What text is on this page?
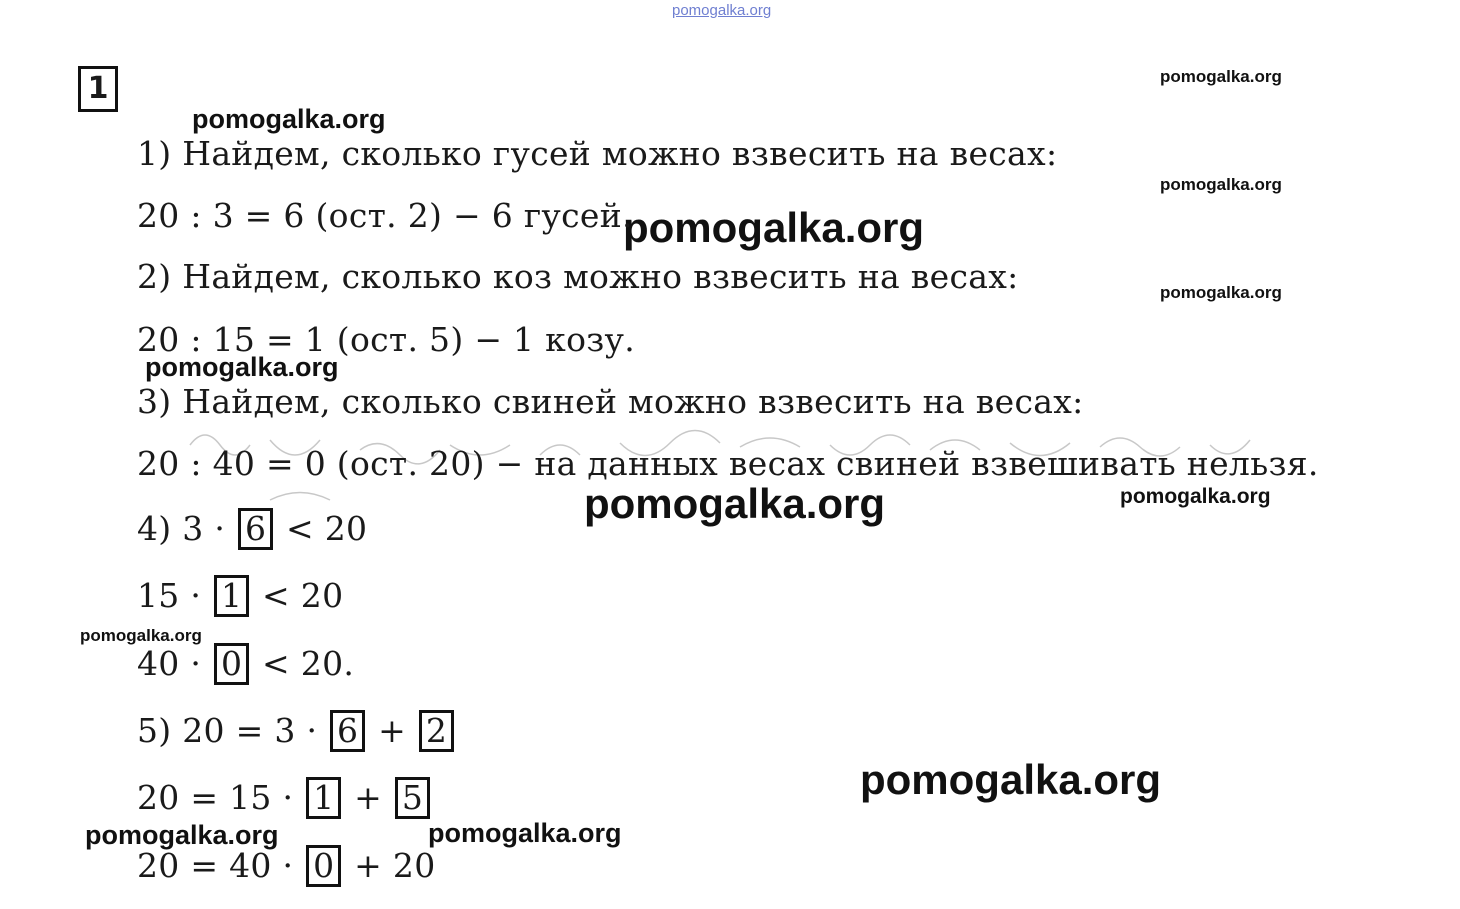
pomogalka.org
1	pomogalka.org
pomogalka.org
pomogalka.org
pomogalka.org
pomogalka.org
pomogalka.org
pomogalka.org
pomogalka.org
pomogalka.org
pomogalka.org
pomogalka.org	pomogalka.org
1) Найдем, сколько гусей можно взвесить на весах:
20 : 3 = 6 (ост. 2) − 6 гусей.
2) Найдем, сколько коз можно взвесить на весах:
20 : 15 = 1 (ост. 5) − 1 козу.
3) Найдем, сколько свиней можно взвесить на весах:
20 : 40 = 0 (ост. 20) − на данных весах свиней взвешивать нельзя.
4) 3 · 6 < 20
15 · 1 < 20
40 · 0 < 20.
5) 20 = 3 · 6 + 2
20 = 15 · 1 + 5
20 = 40 · 0 + 20
